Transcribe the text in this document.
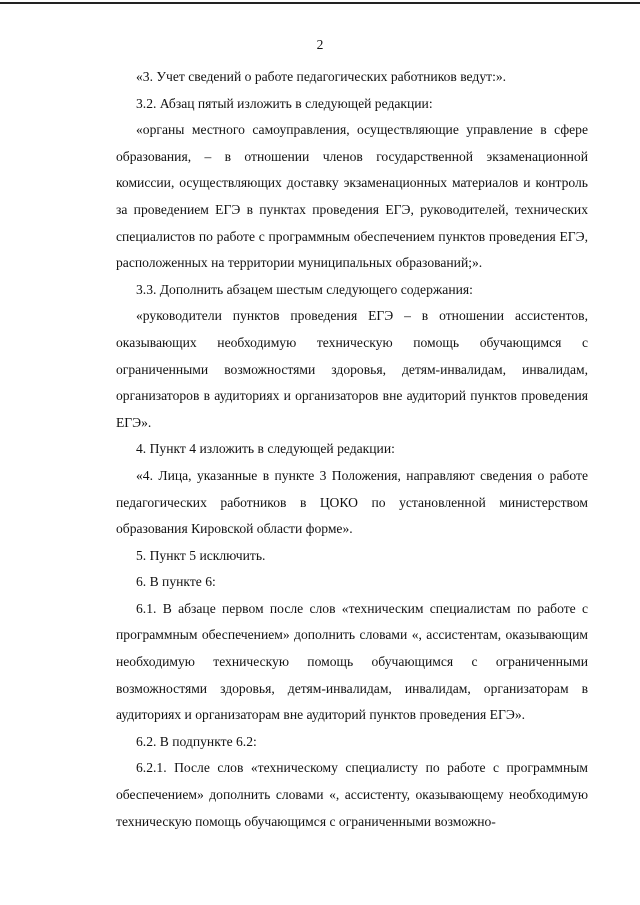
2

«3. Учет сведений о работе педагогических работников ведут:».

3.2. Абзац пятый изложить в следующей редакции:

«органы местного самоуправления, осуществляющие управление в сфере образования, – в отношении членов государственной экзаменационной комиссии, осуществляющих доставку экзаменационных материалов и контроль за проведением ЕГЭ в пунктах проведения ЕГЭ, руководителей, технических специалистов по работе с программным обеспечением пунктов проведения ЕГЭ, расположенных на территории муниципальных образований;».

3.3. Дополнить абзацем шестым следующего содержания:

«руководители пунктов проведения ЕГЭ – в отношении ассистентов, оказывающих необходимую техническую помощь обучающимся с ограниченными возможностями здоровья, детям-инвалидам, инвалидам, организаторов в аудиториях и организаторов вне аудиторий пунктов проведения ЕГЭ».

4. Пункт 4 изложить в следующей редакции:

«4. Лица, указанные в пункте 3 Положения, направляют сведения о работе педагогических работников в ЦОКО по установленной министерством образования Кировской области форме».

5. Пункт 5 исключить.

6. В пункте 6:

6.1. В абзаце первом после слов «техническим специалистам по работе с программным обеспечением» дополнить словами «, ассистентам, оказывающим необходимую техническую помощь обучающимся с ограниченными возможностями здоровья, детям-инвалидам, инвалидам, организаторам в аудиториях и организаторам вне аудиторий пунктов проведения ЕГЭ».

6.2. В подпункте 6.2:

6.2.1. После слов «техническому специалисту по работе с программным обеспечением» дополнить словами «, ассистенту, оказывающему необходимую техническую помощь обучающимся с ограниченными возможно-
